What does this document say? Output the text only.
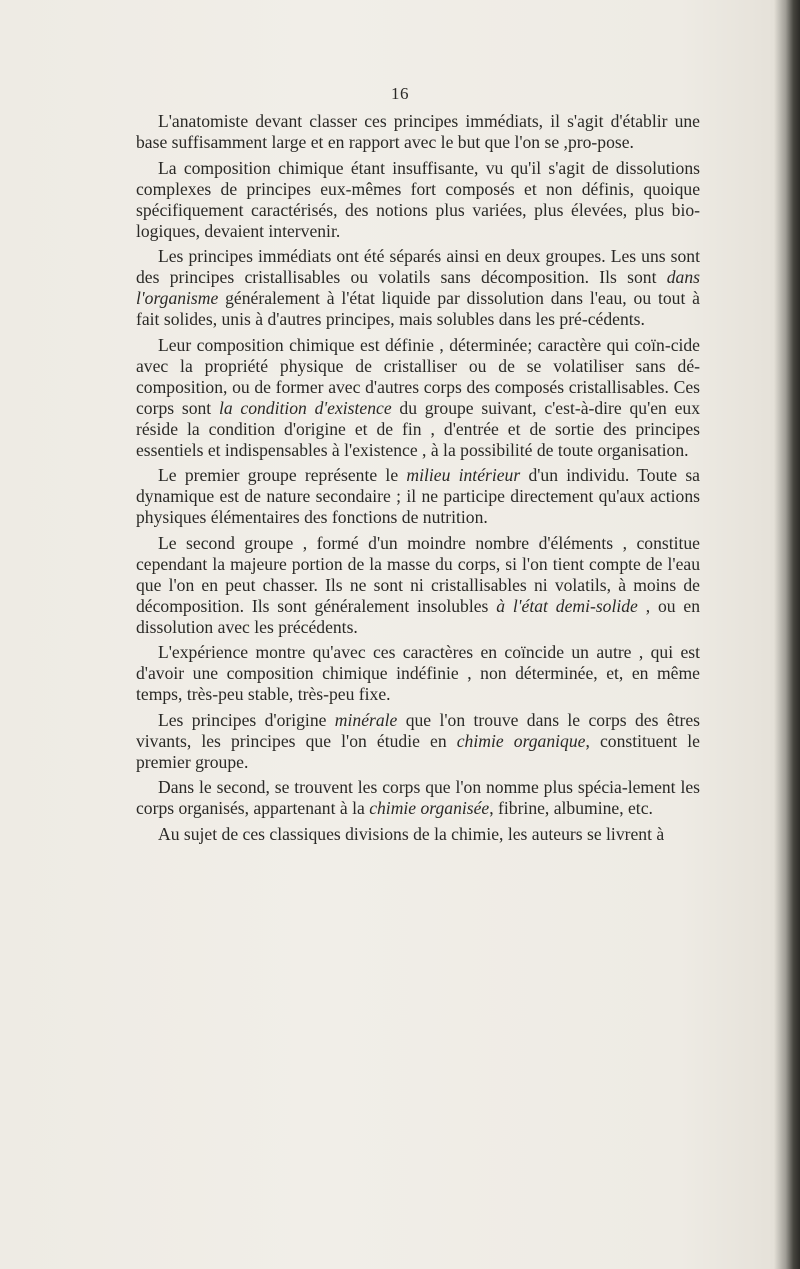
16

L'anatomiste devant classer ces principes immédiats, il s'agit d'établir une base suffisamment large et en rapport avec le but que l'on se ,pro-pose.

La composition chimique étant insuffisante, vu qu'il s'agit de dissolutions complexes de principes eux-mêmes fort composés et non définis, quoique spécifiquement caractérisés, des notions plus variées, plus élevées, plus bio-logiques, devaient intervenir.

Les principes immédiats ont été séparés ainsi en deux groupes. Les uns sont des principes cristallisables ou volatils sans décomposition. Ils sont dans l'organisme généralement à l'état liquide par dissolution dans l'eau, ou tout à fait solides, unis à d'autres principes, mais solubles dans les pré-cédents.

Leur composition chimique est définie , déterminée; caractère qui coïn-cide avec la propriété physique de cristalliser ou de se volatiliser sans dé-composition, ou de former avec d'autres corps des composés cristallisables. Ces corps sont la condition d'existence du groupe suivant, c'est-à-dire qu'en eux réside la condition d'origine et de fin , d'entrée et de sortie des principes essentiels et indispensables à l'existence , à la possibilité de toute organisation.

Le premier groupe représente le milieu intérieur d'un individu. Toute sa dynamique est de nature secondaire ; il ne participe directement qu'aux actions physiques élémentaires des fonctions de nutrition.

Le second groupe , formé d'un moindre nombre d'éléments , constitue cependant la majeure portion de la masse du corps, si l'on tient compte de l'eau que l'on en peut chasser. Ils ne sont ni cristallisables ni volatils, à moins de décomposition. Ils sont généralement insolubles à l'état demi-solide , ou en dissolution avec les précédents.

L'expérience montre qu'avec ces caractères en coïncide un autre , qui est d'avoir une composition chimique indéfinie , non déterminée, et, en même temps, très-peu stable, très-peu fixe.

Les principes d'origine minérale que l'on trouve dans le corps des êtres vivants, les principes que l'on étudie en chimie organique, constituent le premier groupe.

Dans le second, se trouvent les corps que l'on nomme plus spécia-lement les corps organisés, appartenant à la chimie organisée, fibrine, albumine, etc.

Au sujet de ces classiques divisions de la chimie, les auteurs se livrent à
